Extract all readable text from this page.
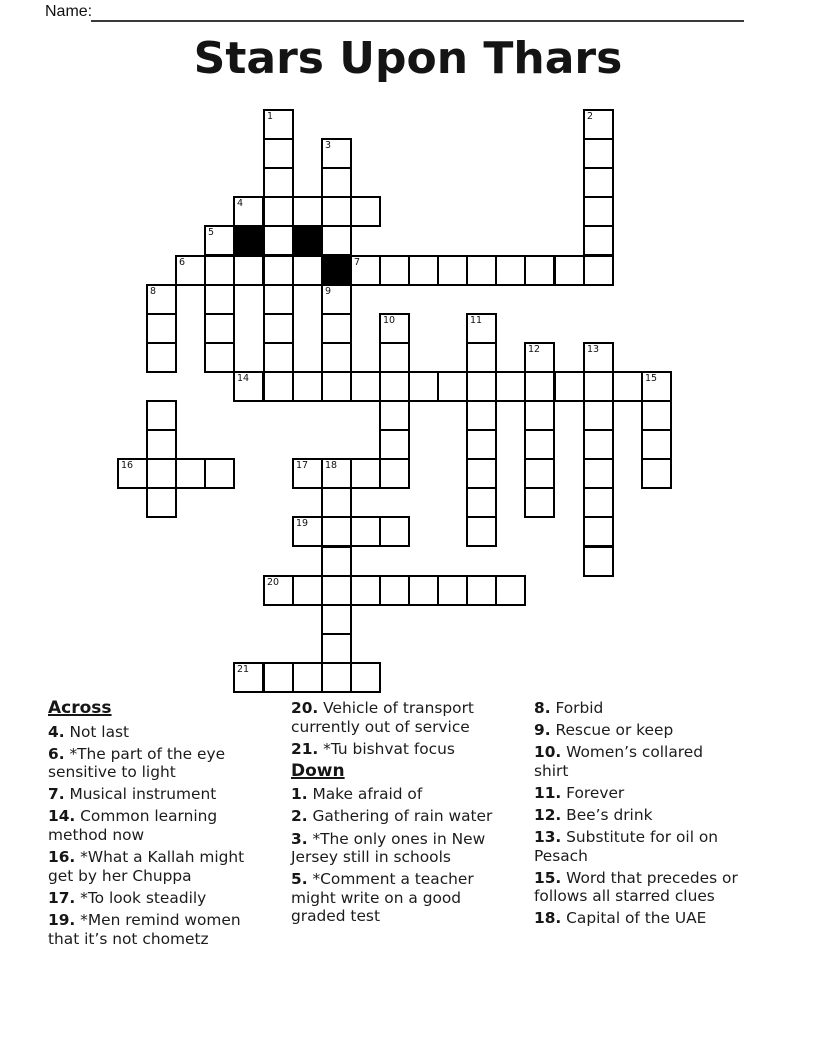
Name:
Stars Upon Thars
1	2
3
4
5
6	7
8	9
10	11
12	13
14	15
16	17 18
19
20
21
Across

4. Not last

6. *The part of the eye sensitive to light

7. Musical instrument

14. Common learning method now

16. *What a Kallah might get by her Chuppa

17. *To look steadily

19. *Men remind women that it’s not chometz

20. Vehicle of transport currently out of service

21. *Tu bishvat focus

Down

1. Make afraid of

2. Gathering of rain water

3. *The only ones in New Jersey still in schools

5. *Comment a teacher might write on a good graded test

8. Forbid

9. Rescue or keep

10. Women’s collared shirt

11. Forever

12. Bee’s drink

13. Substitute for oil on Pesach

15. Word that precedes or follows all starred clues

18. Capital of the UAE
